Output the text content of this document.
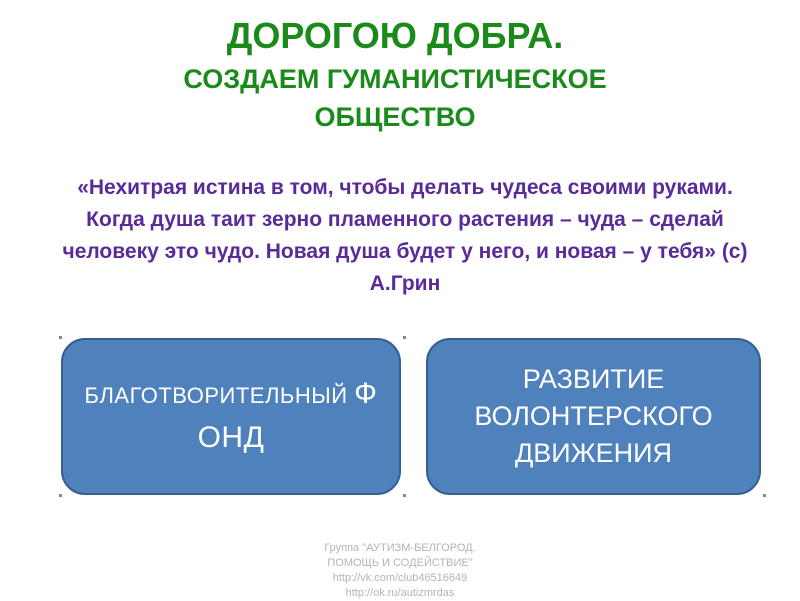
ДОРОГОЮ ДОБРА.
СОЗДАЕМ ГУМАНИСТИЧЕСКОЕ
ОБЩЕСТВО

«Нехитрая истина в том, чтобы делать чудеса своими руками. Когда душа таит зерно пламенного растения – чуда – сделай человеку это чудо. Новая душа будет у него, и новая – у тебя» (с) А.Грин

БЛАГОТВОРИТЕЛЬНЫЙ ФОНД
РАЗВИТИЕ ВОЛОНТЕРСКОГО ДВИЖЕНИЯ
Группа "АУТИЗМ-БЕЛГОРОД.
ПОМОЩЬ И СОДЕЙСТВИЕ"
http://vk.com/club46516649
http://ok.ru/autizmrdas
